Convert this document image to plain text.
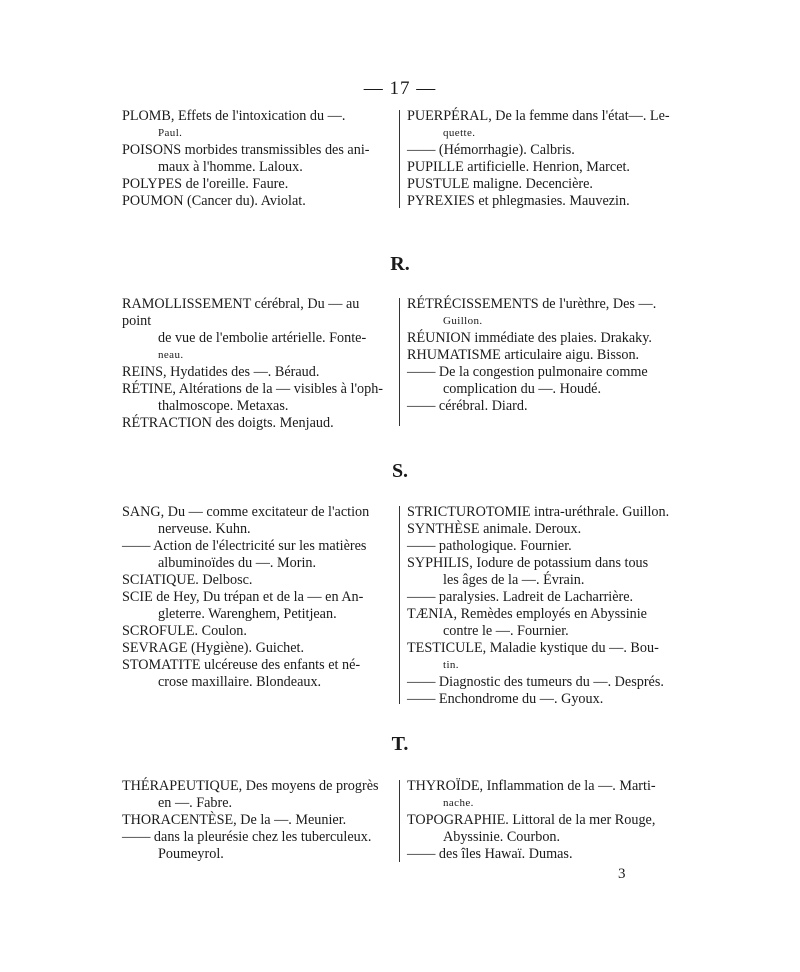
— 17 —
PLOMB, Effets de l'intoxication du —.
Paul.
POISONS morbides transmissibles des ani-
maux à l'homme. Laloux.
POLYPES de l'oreille. Faure.
POUMON (Cancer du). Aviolat.
PUERPÉRAL, De la femme dans l'état—. Le-
quette.
—— (Hémorrhagie). Calbris.
PUPILLE artificielle. Henrion, Marcet.
PUSTULE maligne. Decencière.
PYREXIES et phlegmasies. Mauvezin.
R.
RAMOLLISSEMENT cérébral, Du — au point
de vue de l'embolie artérielle. Fonte-
neau.
REINS, Hydatides des —. Béraud.
RÉTINE, Altérations de la — visibles à l'oph-
thalmoscope. Metaxas.
RÉTRACTION des doigts. Menjaud.
RÉTRÉCISSEMENTS de l'urèthre, Des —.
Guillon.
RÉUNION immédiate des plaies. Drakaky.
RHUMATISME articulaire aigu. Bisson.
—— De la congestion pulmonaire comme
complication du —. Houdé.
—— cérébral. Diard.
S.
SANG, Du — comme excitateur de l'action
nerveuse. Kuhn.
—— Action de l'électricité sur les matières
albuminoïdes du —. Morin.
SCIATIQUE. Delbosc.
SCIE de Hey, Du trépan et de la — en An-
gleterre. Warenghem, Petitjean.
SCROFULE. Coulon.
SEVRAGE (Hygiène). Guichet.
STOMATITE ulcéreuse des enfants et né-
crose maxillaire. Blondeaux.
STRICTUROTOMIE intra-uréthrale. Guillon.
SYNTHÈSE animale. Deroux.
—— pathologique. Fournier.
SYPHILIS, Iodure de potassium dans tous
les âges de la —. Évrain.
—— paralysies. Ladreit de Lacharrière.
TÆNIA, Remèdes employés en Abyssinie
contre le —. Fournier.
TESTICULE, Maladie kystique du —. Bou-
tin.
—— Diagnostic des tumeurs du —. Després.
—— Enchondrome du —. Gyoux.
T.
THÉRAPEUTIQUE, Des moyens de progrès
en —. Fabre.
THORACENTÈSE, De la —. Meunier.
—— dans la pleurésie chez les tuberculeux.
Poumeyrol.
THYROÏDE, Inflammation de la —. Marti-
nache.
TOPOGRAPHIE. Littoral de la mer Rouge,
Abyssinie. Courbon.
—— des îles Hawaï. Dumas.
3
